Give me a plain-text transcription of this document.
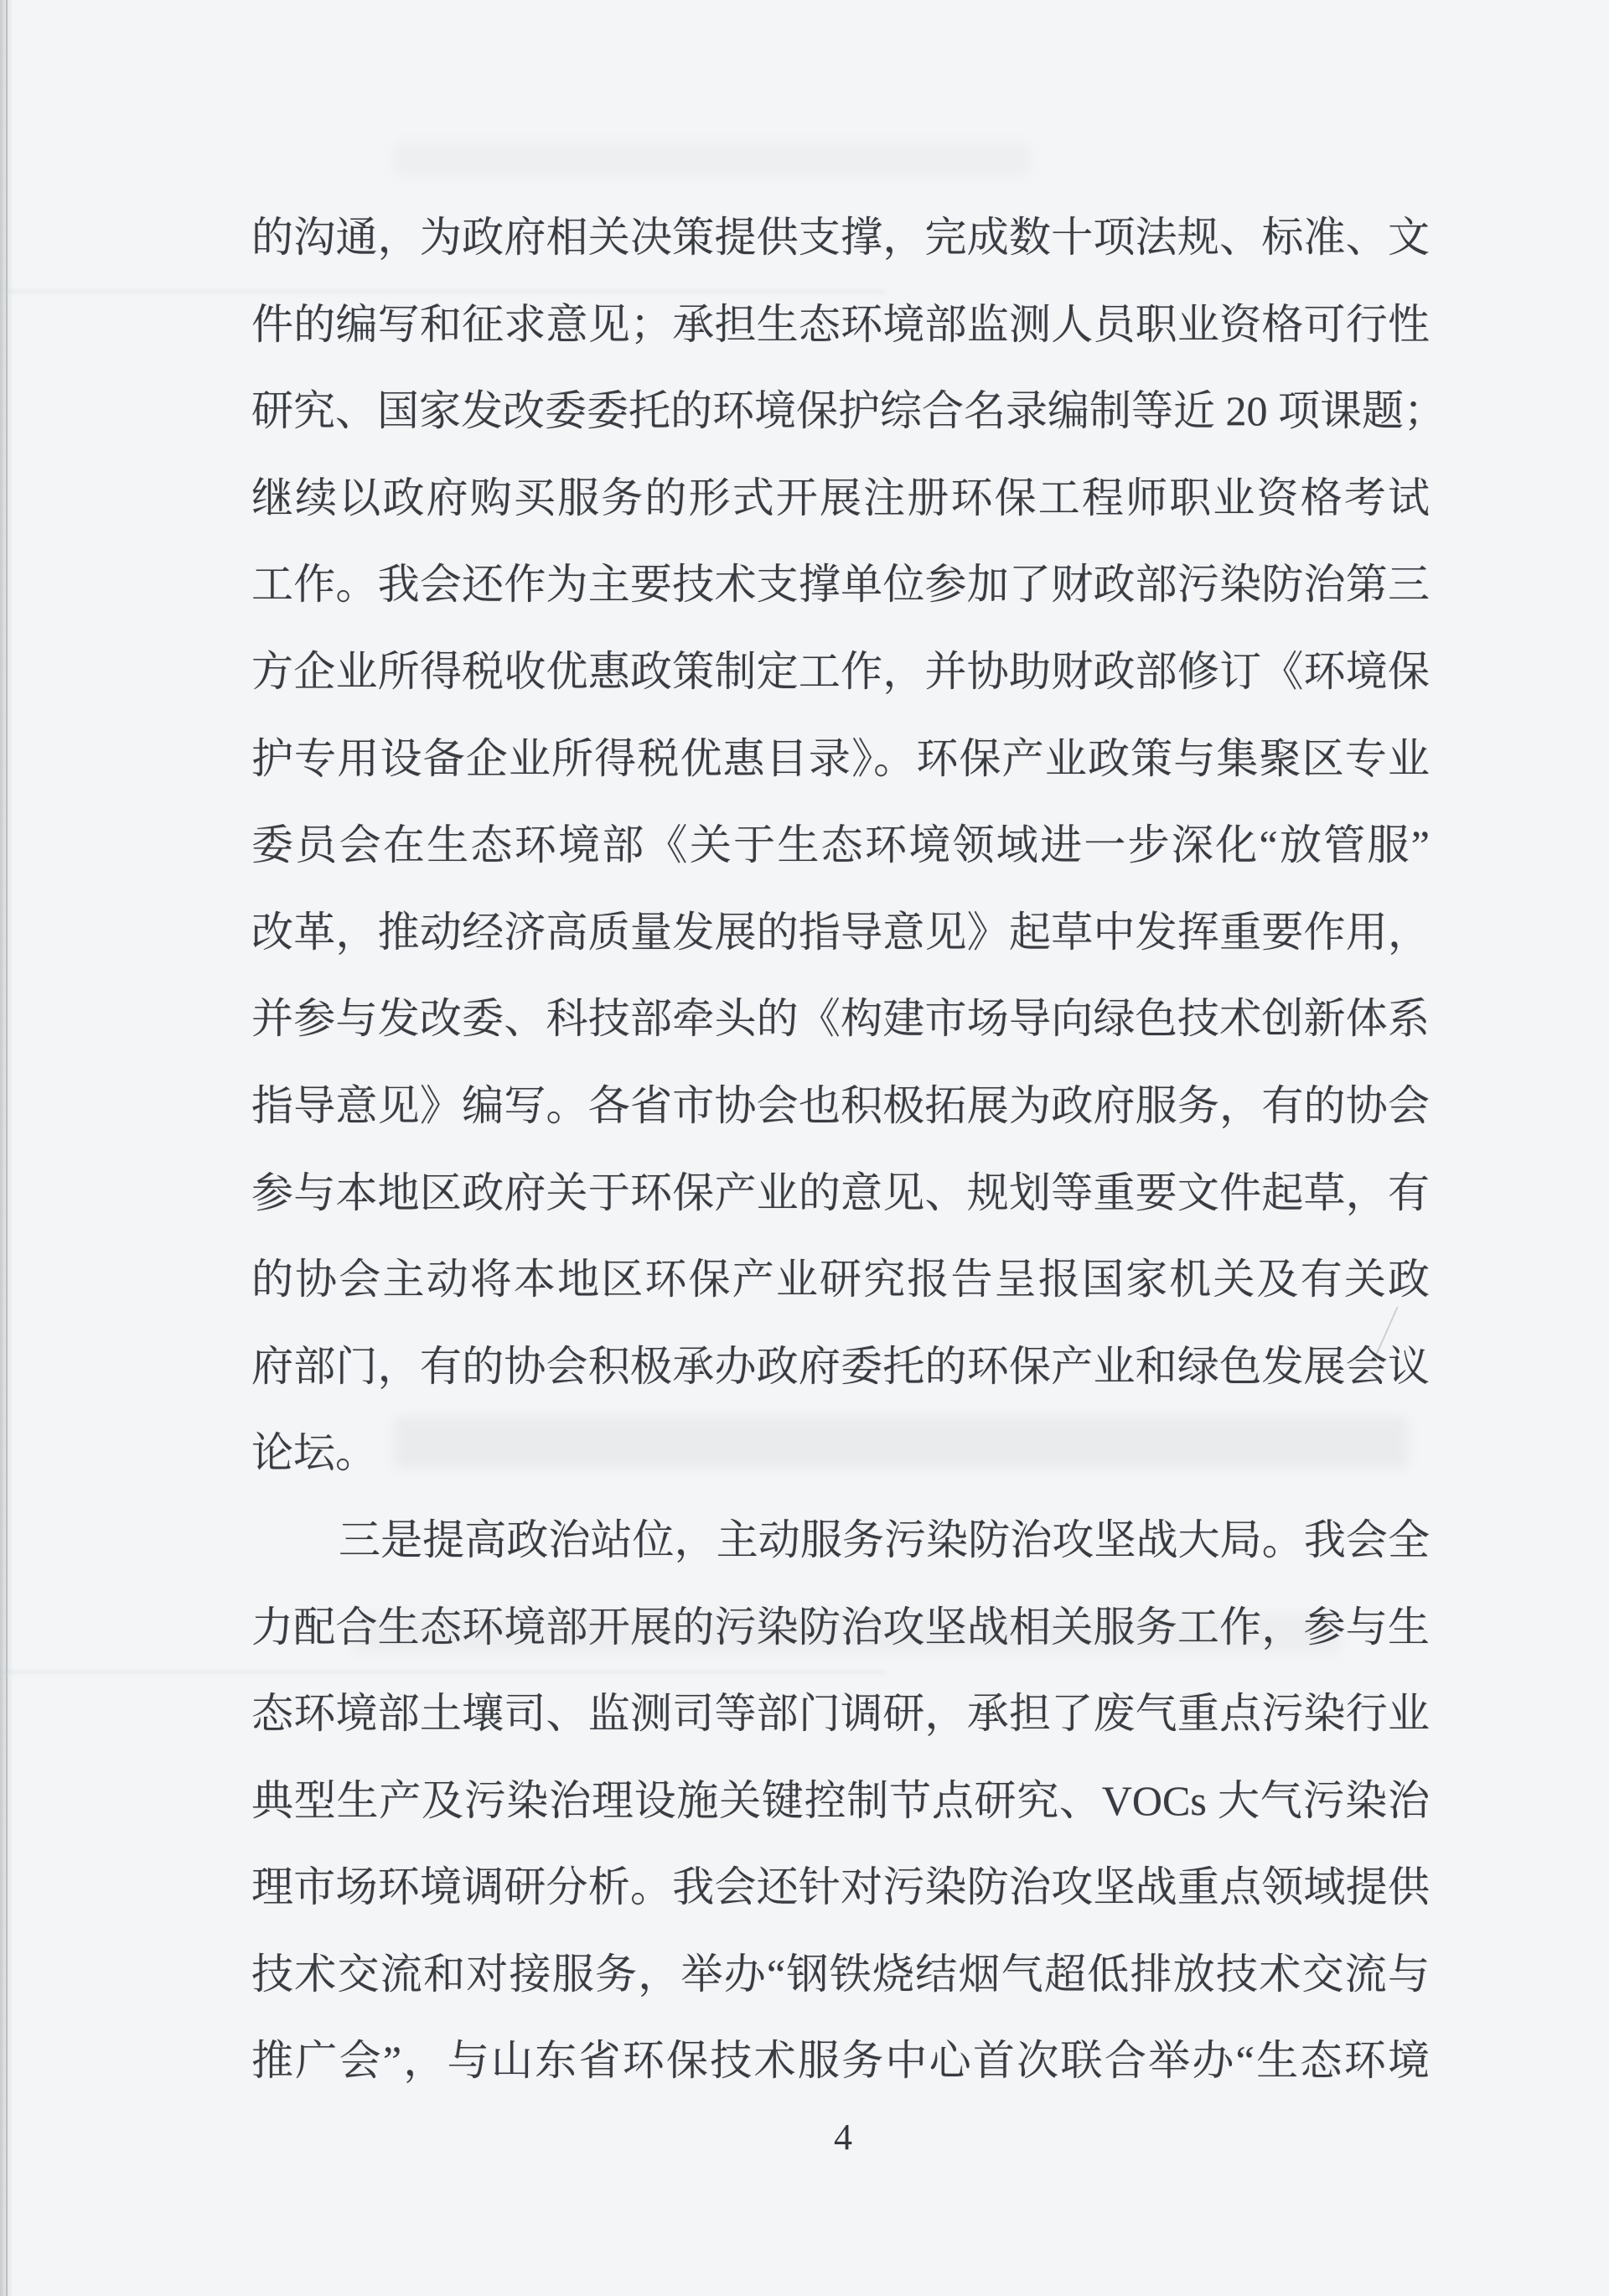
的沟通，为政府相关决策提供支撑，完成数十项法规、标准、文
件的编写和征求意见；承担生态环境部监测人员职业资格可行性
研究、国家发改委委托的环境保护综合名录编制等近 20 项课题；
继续以政府购买服务的形式开展注册环保工程师职业资格考试
工作。我会还作为主要技术支撑单位参加了财政部污染防治第三
方企业所得税收优惠政策制定工作，并协助财政部修订《环境保
护专用设备企业所得税优惠目录》。环保产业政策与集聚区专业
委员会在生态环境部《关于生态环境领域进一步深化“放管服”
改革，推动经济高质量发展的指导意见》起草中发挥重要作用，
并参与发改委、科技部牵头的《构建市场导向绿色技术创新体系
指导意见》编写。各省市协会也积极拓展为政府服务，有的协会
参与本地区政府关于环保产业的意见、规划等重要文件起草，有
的协会主动将本地区环保产业研究报告呈报国家机关及有关政
府部门，有的协会积极承办政府委托的环保产业和绿色发展会议
论坛。
三是提高政治站位，主动服务污染防治攻坚战大局。我会全
力配合生态环境部开展的污染防治攻坚战相关服务工作，参与生
态环境部土壤司、监测司等部门调研，承担了废气重点污染行业
典型生产及污染治理设施关键控制节点研究、VOCs 大气污染治
理市场环境调研分析。我会还针对污染防治攻坚战重点领域提供
技术交流和对接服务，举办“钢铁烧结烟气超低排放技术交流与
推广会”，与山东省环保技术服务中心首次联合举办“生态环境
4
